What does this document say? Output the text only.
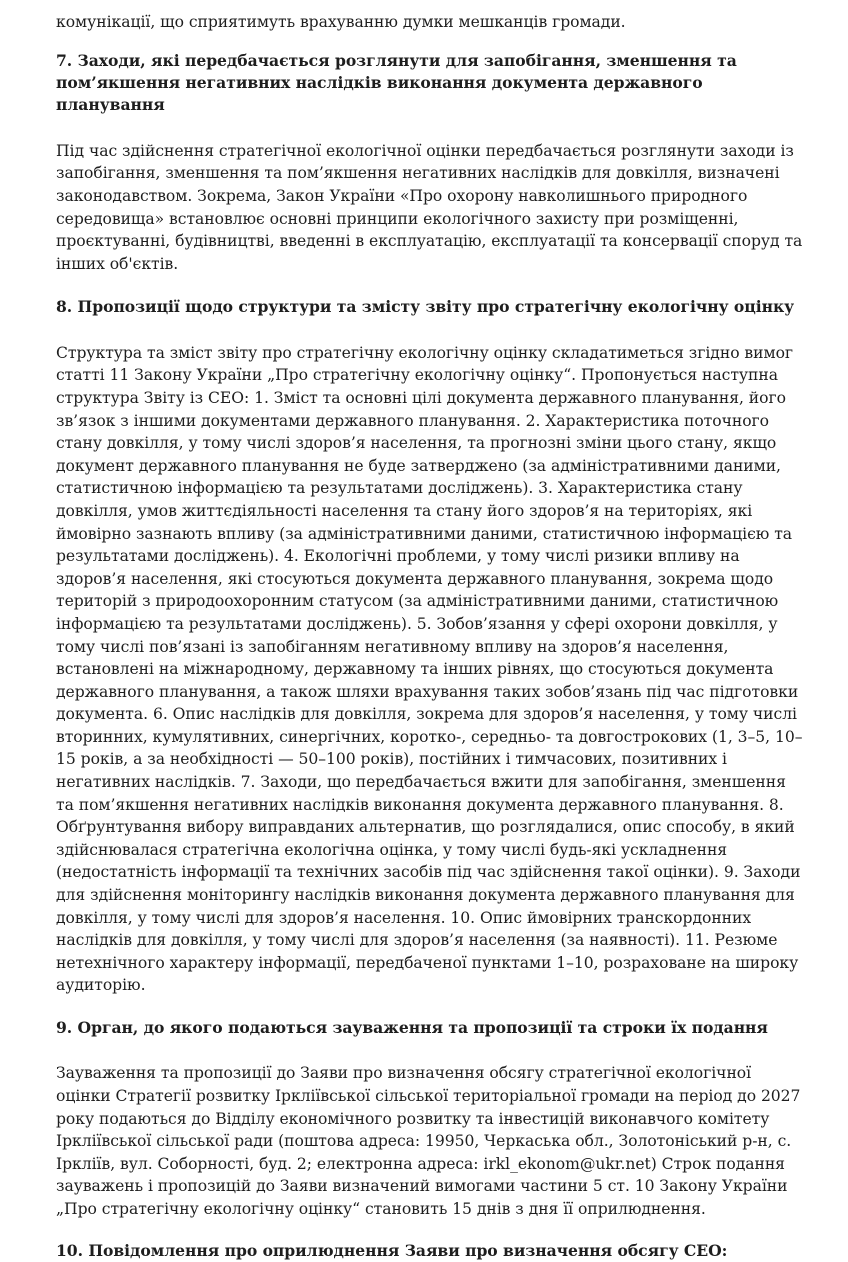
комунікації, що сприятимуть врахуванню думки мешканців громади.

7. Заходи, які передбачається розглянути для запобігання, зменшення та пом’якшення негативних наслідків виконання документа державного планування

Під час здійснення стратегічної екологічної оцінки передбачається розглянути заходи із запобігання, зменшення та пом’якшення негативних наслідків для довкілля, визначені законодавством. Зокрема, Закон України «Про охорону навколишнього природного середовища» встановлює основні принципи екологічного захисту при розміщенні, проєктуванні, будівництві, введенні в експлуатацію, експлуатації та консервації споруд та інших об'єктів.

8. Пропозиції щодо структури та змісту звіту про стратегічну екологічну оцінку

Структура та зміст звіту про стратегічну екологічну оцінку складатиметься згідно вимог статті 11 Закону України „Про стратегічну екологічну оцінку“. Пропонується наступна структура Звіту із СЕО: 1. Зміст та основні цілі документа державного планування, його зв’язок з іншими документами державного планування. 2. Характеристика поточного стану довкілля, у тому числі здоров’я населення, та прогнозні зміни цього стану, якщо документ державного планування не буде затверджено (за адміністративними даними, статистичною інформацією та результатами досліджень). 3. Характеристика стану довкілля, умов життєдіяльності населення та стану його здоров’я на територіях, які ймовірно зазнають впливу (за адміністративними даними, статистичною інформацією та результатами досліджень). 4. Екологічні проблеми, у тому числі ризики впливу на здоров’я населення, які стосуються документа державного планування, зокрема щодо територій з природоохоронним статусом (за адміністративними даними, статистичною інформацією та результатами досліджень). 5. Зобов’язання у сфері охорони довкілля, у тому числі пов’язані із запобіганням негативному впливу на здоров’я населення, встановлені на міжнародному, державному та інших рівнях, що стосуються документа державного планування, а також шляхи врахування таких зобов’язань під час підготовки документа. 6. Опис наслідків для довкілля, зокрема для здоров’я населення, у тому числі вторинних, кумулятивних, синергічних, коротко-, середньо- та довгострокових (1, 3–5, 10–15 років, а за необхідності — 50–100 років), постійних і тимчасових, позитивних і негативних наслідків. 7. Заходи, що передбачається вжити для запобігання, зменшення та пом’якшення негативних наслідків виконання документа державного планування. 8. Обґрунтування вибору виправданих альтернатив, що розглядалися, опис способу, в який здійснювалася стратегічна екологічна оцінка, у тому числі будь-які ускладнення (недостатність інформації та технічних засобів під час здійснення такої оцінки). 9. Заходи для здійснення моніторингу наслідків виконання документа державного планування для довкілля, у тому числі для здоров’я населення. 10. Опис ймовірних транскордонних наслідків для довкілля, у тому числі для здоров’я населення (за наявності). 11. Резюме нетехнічного характеру інформації, передбаченої пунктами 1–10, розраховане на широку аудиторію.

9. Орган, до якого подаються зауваження та пропозиції та строки їх подання

Зауваження та пропозиції до Заяви про визначення обсягу стратегічної екологічної оцінки Стратегії розвитку Іркліївської сільської територіальної громади на період до 2027 року подаються до Відділу економічного розвитку та інвестицій виконавчого комітету Іркліївської сільської ради (поштова адреса: 19950, Черкаська обл., Золотоніський р-н, с. Іркліїв, вул. Соборності, буд. 2; електронна адреса: irkl_ekonom@ukr.net) Строк подання зауважень і пропозицій до Заяви визначений вимогами частини 5 ст. 10 Закону України „Про стратегічну екологічну оцінку“ становить 15 днів з дня її оприлюднення.

10. Повідомлення про оприлюднення Заяви про визначення обсягу СЕО:
